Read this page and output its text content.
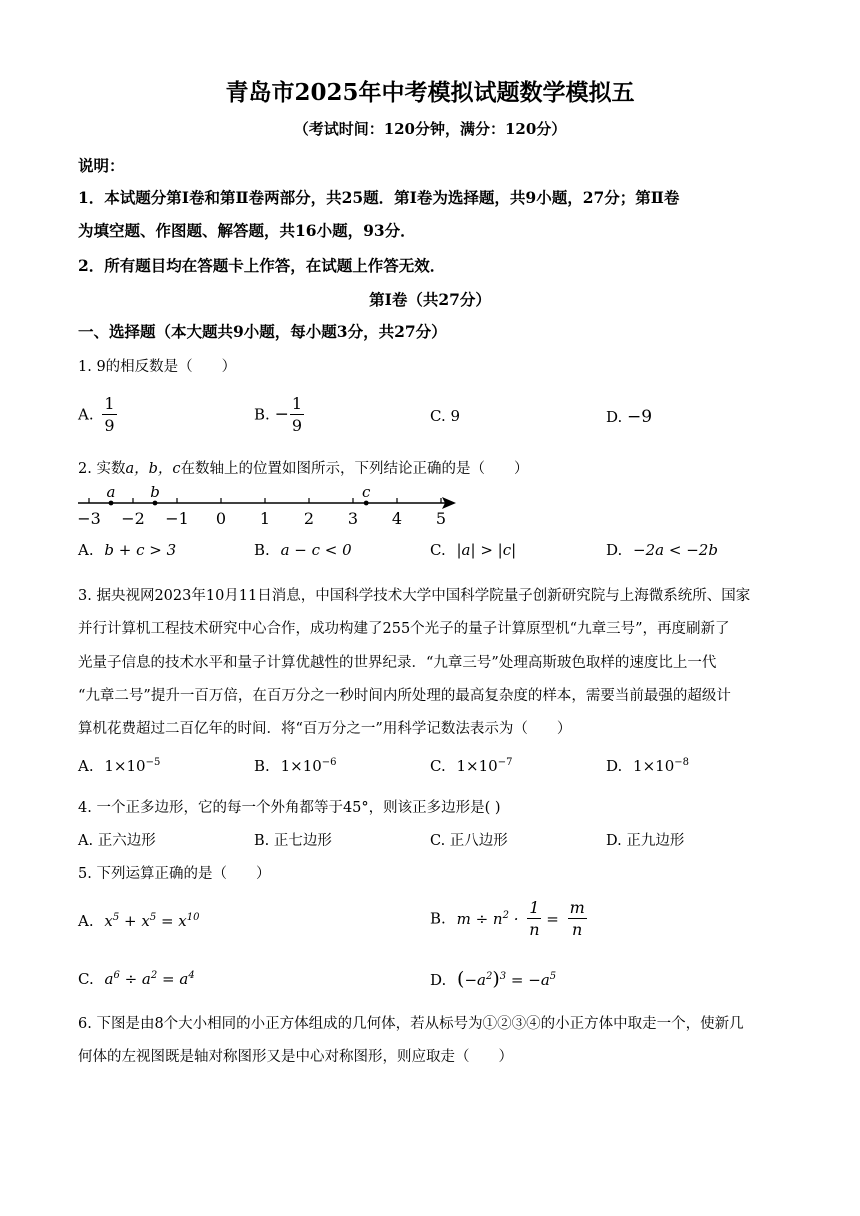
青岛市2025年中考模拟试题数学模拟五
（考试时间：120分钟，满分：120分）
说明：
1．本试题分第Ⅰ卷和第Ⅱ卷两部分，共25题．第Ⅰ卷为选择题，共9小题，27分；第Ⅱ卷
为填空题、作图题、解答题，共16小题，93分．
2．所有题目均在答题卡上作答，在试题上作答无效．
第Ⅰ卷（共27分）
一、选择题（本大题共9小题，每小题3分，共27分）
1. 9的相反数是（　　）
A. $\frac{1}{9}$	B. − $\frac{1}{9}$	C. 9	D. −9
2. 实数a，b，c在数轴上的位置如图所示，下列结论正确的是（　　）
−3 −2 −1 0 1 2 3 4 5
a b	c
A. b + c > 3	B. a − c < 0	C. |a| > |c|	D. −2a < −2b
3. 据央视网2023年10月11日消息，中国科学技术大学中国科学院量子创新研究院与上海微系统所、国家
并行计算机工程技术研究中心合作，成功构建了255个光子的量子计算原型机“九章三号”，再度刷新了
光量子信息的技术水平和量子计算优越性的世界纪录．“九章三号”处理高斯玻色取样的速度比上一代
“九章二号”提升一百万倍，在百万分之一秒时间内所处理的最高复杂度的样本，需要当前最强的超级计
算机花费超过二百亿年的时间．将“百万分之一”用科学记数法表示为（　　）
A. $1\times 10^{-5}$	B. $1\times 10^{-6}$	C. $1\times 10^{-7}$	D. $1\times 10^{-8}$
4. 一个正多边形，它的每一个外角都等于45°，则该正多边形是( )
A. 正六边形	B. 正七边形	C. 正八边形	D. 正九边形
5. 下列运算正确的是（　　）
A. $x^5 + x^5 = x^{10}$	B. $m \div n^2 \cdot \frac{1}{n} = \frac{m}{n}$
C. $a^6 \div a^2 = a^4$	D. $(-a^2)^3 = -a^5$
6. 下图是由8个大小相同的小正方体组成的几何体，若从标号为①②③④的小正方体中取走一个，使新几
何体的左视图既是轴对称图形又是中心对称图形，则应取走（　　）
